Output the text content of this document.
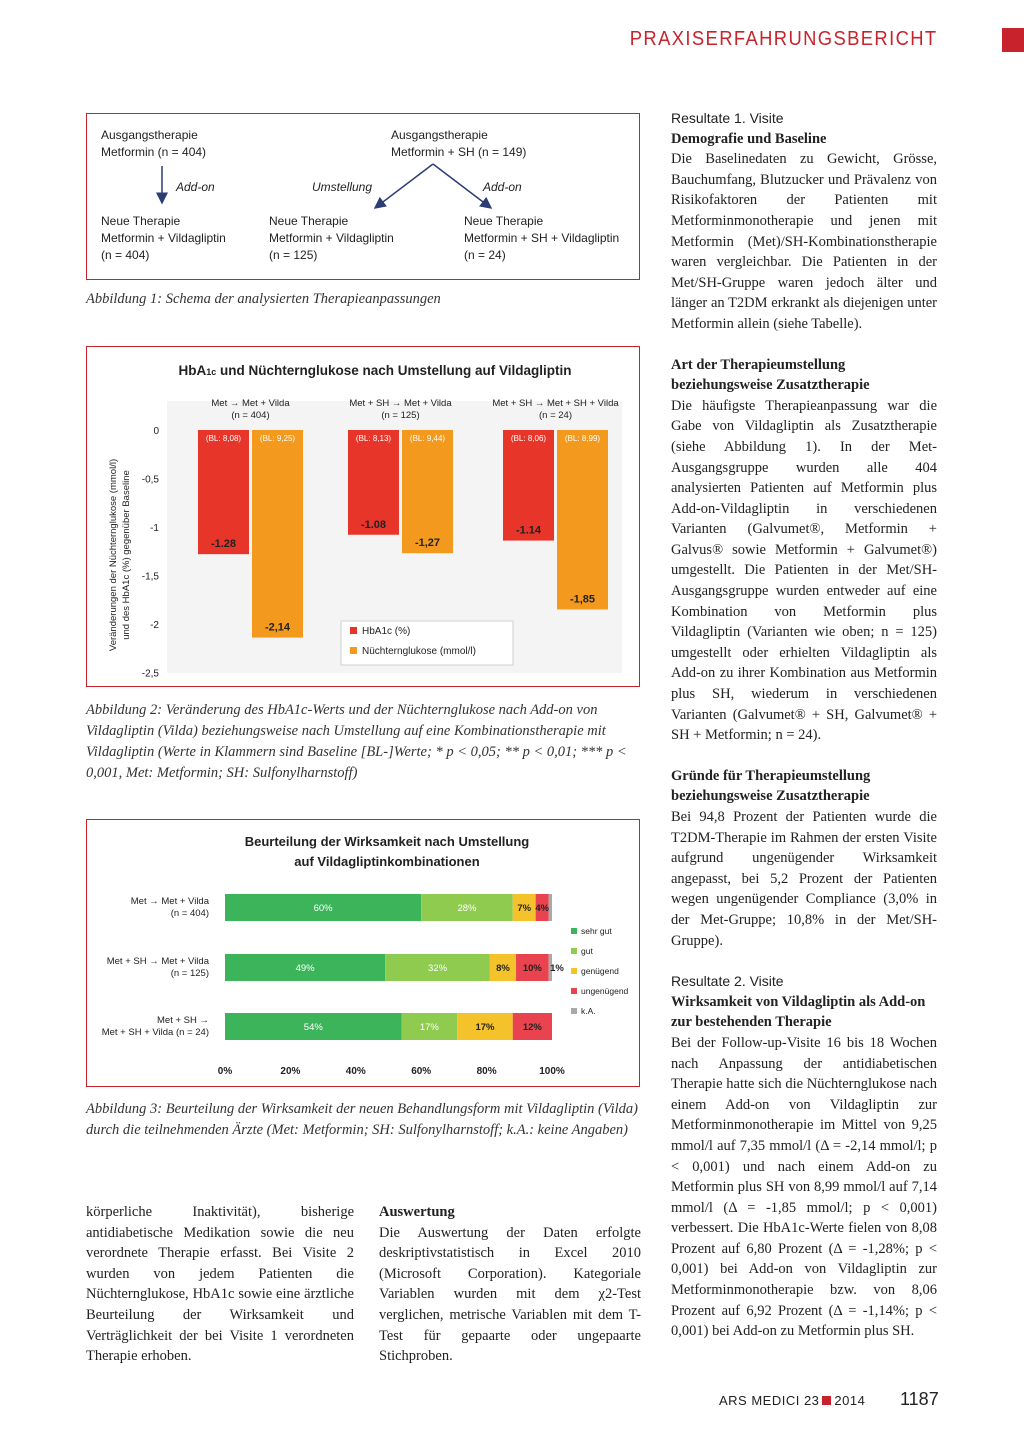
PRAXISERFAHRUNGSBERICHT
Ausgangstherapie
Metformin (n = 404)
Ausgangstherapie
Metformin + SH (n = 149)
Add-on	Umstellung	Add-on
Neue Therapie
Metformin + Vildagliptin
(n = 404)
Neue Therapie
Metformin + Vildagliptin
(n = 125)
Neue Therapie
Metformin + SH + Vildagliptin
(n = 24)
Abbildung 1: Schema der analysierten Therapieanpassungen
HbA1c und Nüchternglukose nach Umstellung auf Vildagliptin
Veränderungen der Nüchternglukose (mmol/l) und des HbA1c (%) gegenüber Baseline
0
-0,5
-1
-1,5
-2
-2,5
Met → Met + Vilda
(n = 404)
Met + SH → Met + Vilda
(n = 125)
Met + SH → Met + SH + Vilda
(n = 24)
(BL: 8,08)
-1.28
(BL: 8,13)
-1.08
(BL: 8,06)
-1.14
(BL: 9,25)
-2,14
(BL: 9,44)
-1,27
(BL: 8,99)
-1,85
HbA1c (%)
Nüchternglukose (mmol/l)
Abbildung 2: Veränderung des HbA1c-Werts und der Nüchternglukose nach Add-on von Vildagliptin (Vilda) beziehungsweise nach Umstellung auf eine Kombinationstherapie mit Vildagliptin (Werte in Klammern sind Baseline [BL-]Werte; * p < 0,05; ** p < 0,01; *** p < 0,001, Met: Metformin; SH: Sulfonylharnstoff)
Beurteilung der Wirksamkeit nach Umstellung
auf Vildagliptinkombinationen
Met → Met + Vilda
(n = 404)
Met + SH → Met + Vilda
(n = 125)
Met + SH →
Met + SH + Vilda (n = 24)
60%	28%	7% 4%
49%	32%	8% 10% 1%
54%	17%	17%	12%
0%	20%	40%	60%	80%	100%
sehr gut
gut
genügend
ungenügend
k.A.
Abbildung 3: Beurteilung der Wirksamkeit der neuen Behandlungsform mit Vildagliptin (Vilda) durch die teilnehmenden Ärzte (Met: Metformin; SH: Sulfonylharnstoff; k.A.: keine Angaben)

körperliche Inaktivität), bisherige antidiabetische Medikation sowie die neu verordnete Therapie erfasst. Bei Visite 2 wurden von jedem Patienten die Nüchternglukose, HbA1c sowie eine ärztliche Beurteilung der Wirksamkeit und Verträglichkeit der bei Visite 1 verordneten Therapie erhoben.

Auswertung

Die Auswertung der Daten erfolgte deskriptivstatistisch in Excel 2010 (Microsoft Corporation). Kategoriale Variablen wurden mit dem χ2-Test verglichen, metrische Variablen mit dem T-Test für gepaarte oder ungepaarte Stichproben.

Resultate 1. Visite

Demografie und Baseline

Die Baselinedaten zu Gewicht, Grösse, Bauchumfang, Blutzucker und Prävalenz von Risikofaktoren der Patienten mit Metforminmonotherapie und jenen mit Metformin (Met)/SH-Kombinationstherapie waren vergleichbar. Die Patienten in der Met/SH-Gruppe waren jedoch älter und länger an T2DM erkrankt als diejenigen unter Metformin allein (siehe Tabelle).

Art der Therapieumstellung

beziehungsweise Zusatztherapie

Die häufigste Therapieanpassung war die Gabe von Vildagliptin als Zusatztherapie (siehe Abbildung 1). In der Met-Ausgangsgruppe wurden alle 404 analysierten Patienten auf Metformin plus Add-on-Vildagliptin in verschiedenen Varianten (Galvumet®, Metformin + Galvus® sowie Metformin + Galvumet®) umgestellt. Die Patienten in der Met/SH-Ausgangsgruppe wurden entweder auf eine Kombination von Metformin plus Vildagliptin (Varianten wie oben; n = 125) umgestellt oder erhielten Vildagliptin als Add-on zu ihrer Kombination aus Metformin plus SH, wiederum in verschiedenen Varianten (Galvumet® + SH, Galvumet® + SH + Metformin; n = 24).

Gründe für Therapieumstellung

beziehungsweise Zusatztherapie

Bei 94,8 Prozent der Patienten wurde die T2DM-Therapie im Rahmen der ersten Visite aufgrund ungenügender Wirksamkeit angepasst, bei 5,2 Prozent der Patienten wegen ungenügender Compliance (3,0% in der Met-Gruppe; 10,8% in der Met/SH-Gruppe).

Resultate 2. Visite

Wirksamkeit von Vildagliptin als Add-on

zur bestehenden Therapie

Bei der Follow-up-Visite 16 bis 18 Wochen nach Anpassung der antidiabetischen Therapie hatte sich die Nüchternglukose nach einem Add-on von Vildagliptin zur Metforminmonotherapie im Mittel von 9,25 mmol/l auf 7,35 mmol/l (Δ = -2,14 mmol/l; p < 0,001) und nach einem Add-on zu Metformin plus SH von 8,99 mmol/l auf 7,14 mmol/l (Δ = -1,85 mmol/l; p < 0,001) verbessert. Die HbA1c-Werte fielen von 8,08 Prozent auf 6,80 Prozent (Δ = -1,28%; p < 0,001) bei Add-on von Vildagliptin zur Metforminmonotherapie bzw. von 8,06 Prozent auf 6,92 Prozent (Δ = -1,14%; p < 0,001) bei Add-on zu Metformin plus SH.

ARS MEDICI 23 2014 1187
